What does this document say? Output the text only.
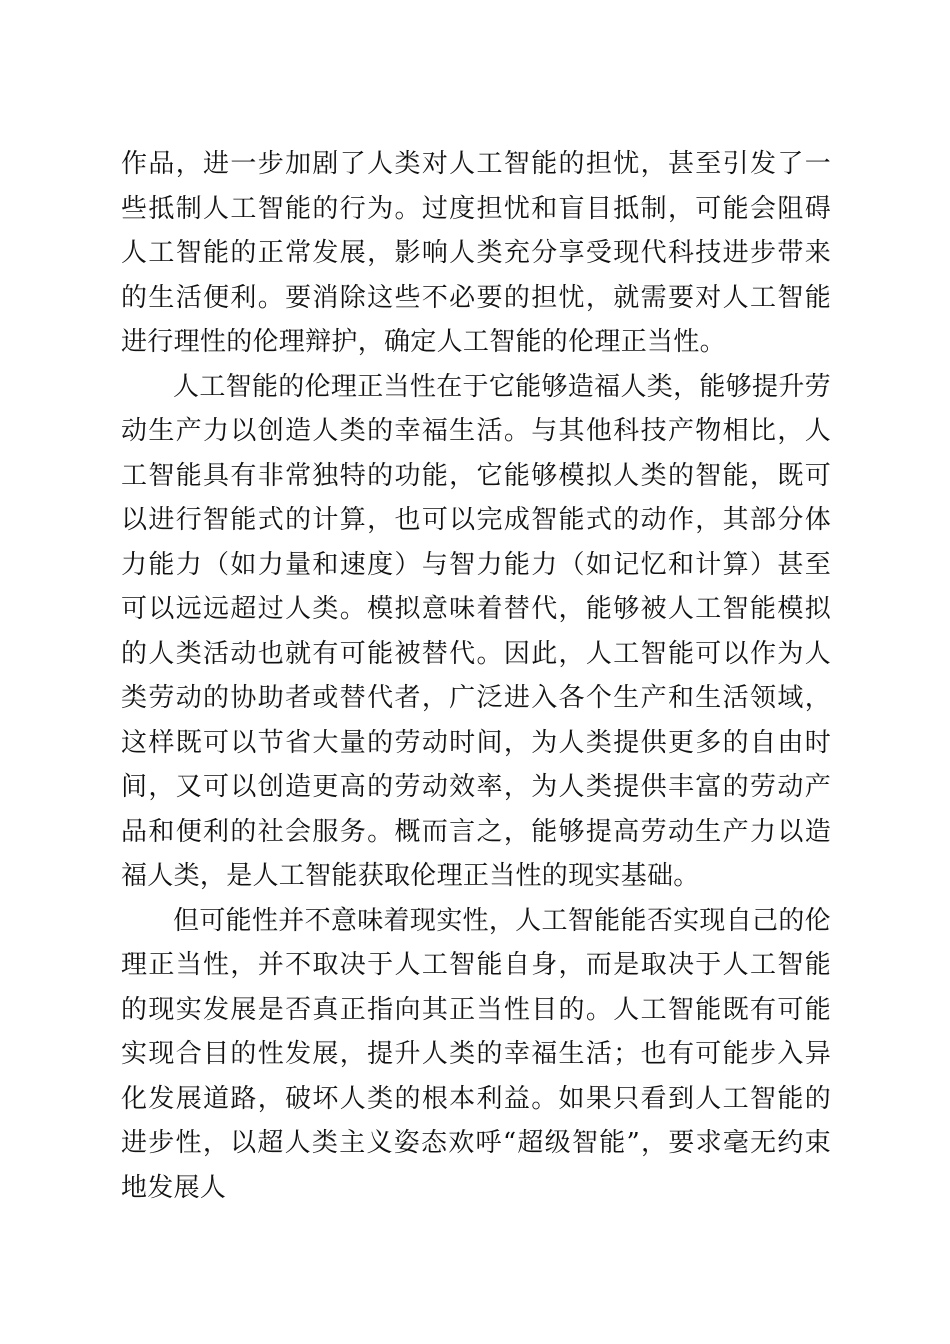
作品，进一步加剧了人类对人工智能的担忧，甚至引发了一些抵制人工智能的行为。过度担忧和盲目抵制，可能会阻碍人工智能的正常发展，影响人类充分享受现代科技进步带来的生活便利。要消除这些不必要的担忧，就需要对人工智能进行理性的伦理辩护，确定人工智能的伦理正当性。

人工智能的伦理正当性在于它能够造福人类，能够提升劳动生产力以创造人类的幸福生活。与其他科技产物相比，人工智能具有非常独特的功能，它能够模拟人类的智能，既可以进行智能式的计算，也可以完成智能式的动作，其部分体力能力（如力量和速度）与智力能力（如记忆和计算）甚至可以远远超过人类。模拟意味着替代，能够被人工智能模拟的人类活动也就有可能被替代。因此，人工智能可以作为人类劳动的协助者或替代者，广泛进入各个生产和生活领域，这样既可以节省大量的劳动时间，为人类提供更多的自由时间，又可以创造更高的劳动效率，为人类提供丰富的劳动产品和便利的社会服务。概而言之，能够提高劳动生产力以造福人类，是人工智能获取伦理正当性的现实基础。

但可能性并不意味着现实性，人工智能能否实现自己的伦理正当性，并不取决于人工智能自身，而是取决于人工智能的现实发展是否真正指向其正当性目的。人工智能既有可能实现合目的性发展，提升人类的幸福生活；也有可能步入异化发展道路，破坏人类的根本利益。如果只看到人工智能的进步性，以超人类主义姿态欢呼“超级智能”，要求毫无约束地发展人
